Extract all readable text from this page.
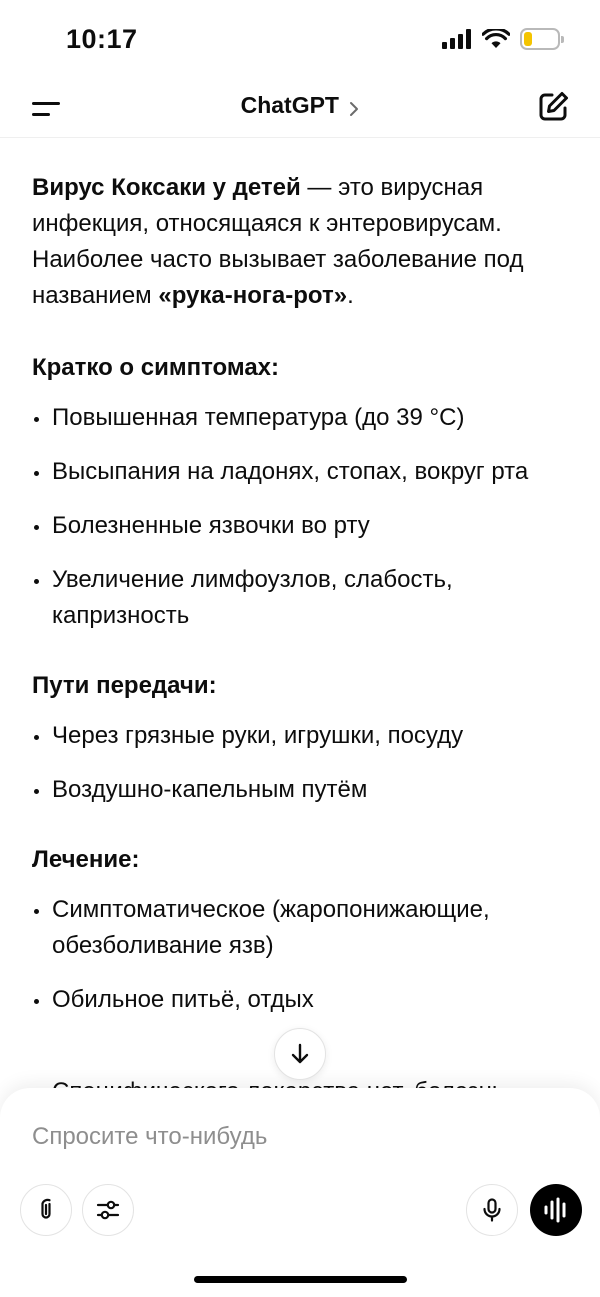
10:17
ChatGPT

Вирус Коксаки у детей — это вирусная инфекция, относящаяся к энтеровирусам. Наиболее часто вызывает заболевание под названием «рука-нога-рот».

Кратко о симптомах:
Повышенная температура (до 39 °С)
Высыпания на ладонях, стопах, вокруг рта
Болезненные язвочки во рту
Увеличение лимфоузлов, слабость, капризность
Пути передачи:
Через грязные руки, игрушки, посуду
Воздушно-капельным путём
Лечение:
Симптоматическое (жаропонижающие, обезболивание язв)
Обильное питьё, отдых
Спросите что-нибудь
